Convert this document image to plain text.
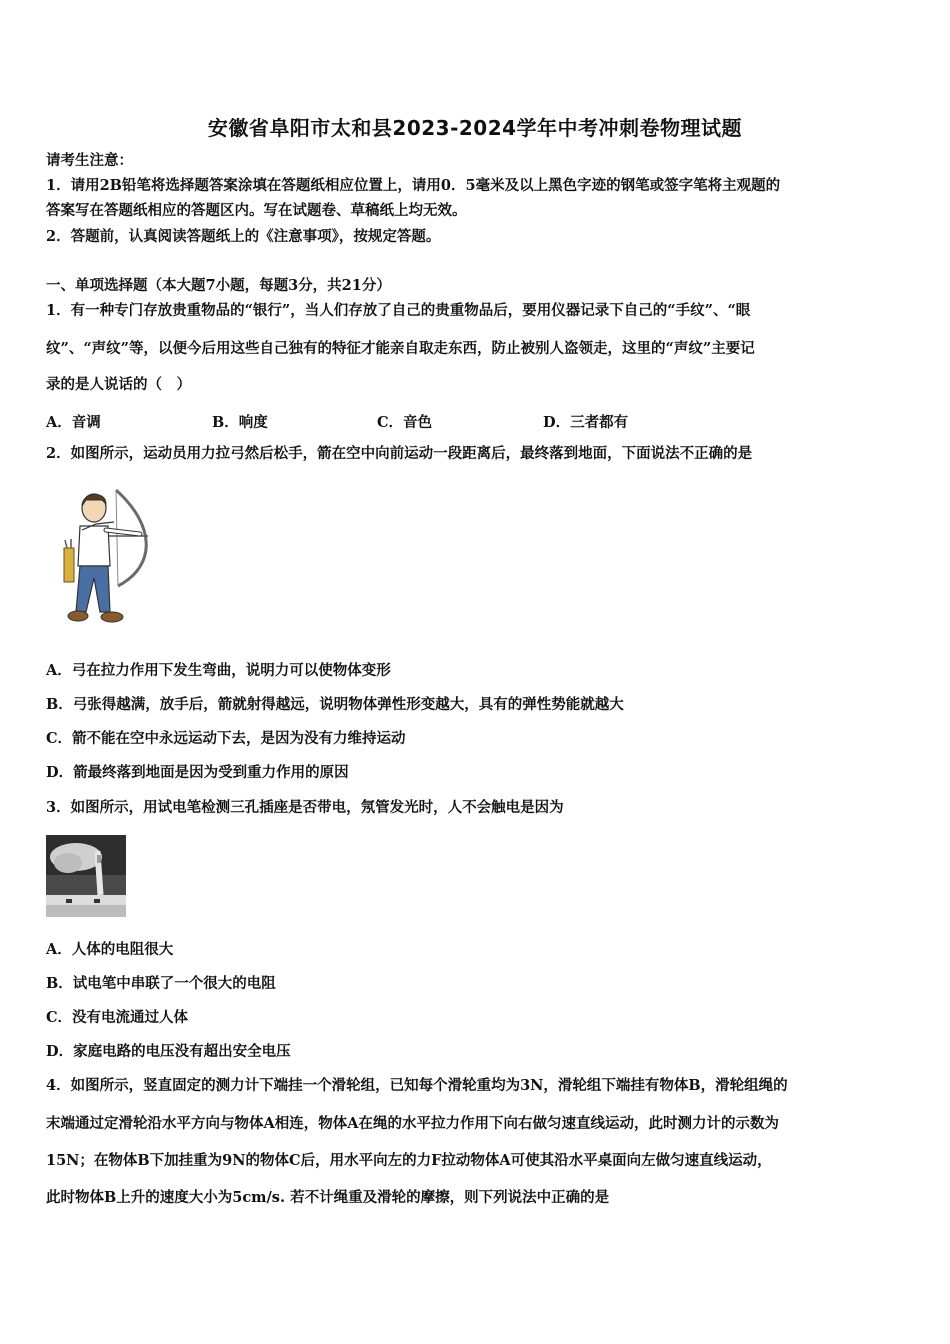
安徽省阜阳市太和县2023-2024学年中考冲刺卷物理试题
请考生注意：
1．请用2B铅笔将选择题答案涂填在答题纸相应位置上，请用0．5毫米及以上黑色字迹的钢笔或签字笔将主观题的
答案写在答题纸相应的答题区内。写在试题卷、草稿纸上均无效。
2．答题前，认真阅读答题纸上的《注意事项》，按规定答题。
一、单项选择题（本大题7小题，每题3分，共21分）
1．有一种专门存放贵重物品的“银行”，当人们存放了自己的贵重物品后，要用仪器记录下自己的“手纹”、“眼
纹”、“声纹”等，以便今后用这些自己独有的特征才能亲自取走东西，防止被别人盗领走，这里的“声纹”主要记
录的是人说话的（　）
A．音调	B．响度	C．音色	D．三者都有
2．如图所示，运动员用力拉弓然后松手，箭在空中向前运动一段距离后，最终落到地面，下面说法不正确的是
A．弓在拉力作用下发生弯曲，说明力可以使物体变形
B．弓张得越满，放手后，箭就射得越远，说明物体弹性形变越大，具有的弹性势能就越大
C．箭不能在空中永远运动下去，是因为没有力维持运动
D．箭最终落到地面是因为受到重力作用的原因
3．如图所示，用试电笔检测三孔插座是否带电，氖管发光时，人不会触电是因为
A．人体的电阻很大
B．试电笔中串联了一个很大的电阻
C．没有电流通过人体
D．家庭电路的电压没有超出安全电压
4．如图所示，竖直固定的测力计下端挂一个滑轮组，已知每个滑轮重均为3N，滑轮组下端挂有物体B，滑轮组绳的
末端通过定滑轮沿水平方向与物体A相连，物体A在绳的水平拉力作用下向右做匀速直线运动，此时测力计的示数为
15N；在物体B下加挂重为9N的物体C后，用水平向左的力F拉动物体A可使其沿水平桌面向左做匀速直线运动，
此时物体B上升的速度大小为5cm/s. 若不计绳重及滑轮的摩擦，则下列说法中正确的是
